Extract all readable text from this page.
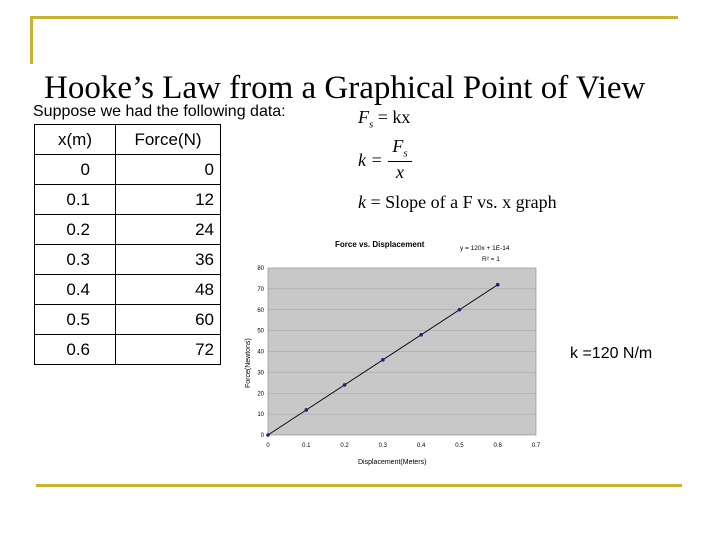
Hooke’s Law from a Graphical Point of View
Suppose we had the following data:
x(m)	Force(N)
0	0
0.1	12
0.2	24
0.3	36
0.4	48
0.5	60
0.6	72
$F_s$ = kx
$k = \frac{F_s}{x}$
k = Slope of a F vs. x graph
Force vs. Displacement	y = 120x + 1E-14
R² = 1
0
10
20
30
40
50
60
70
80
0	0.1	0.2	0.3	0.4	0.5	0.6	0.7
Displacement(Meters)
Force(Newtons)	k =120 N/m
